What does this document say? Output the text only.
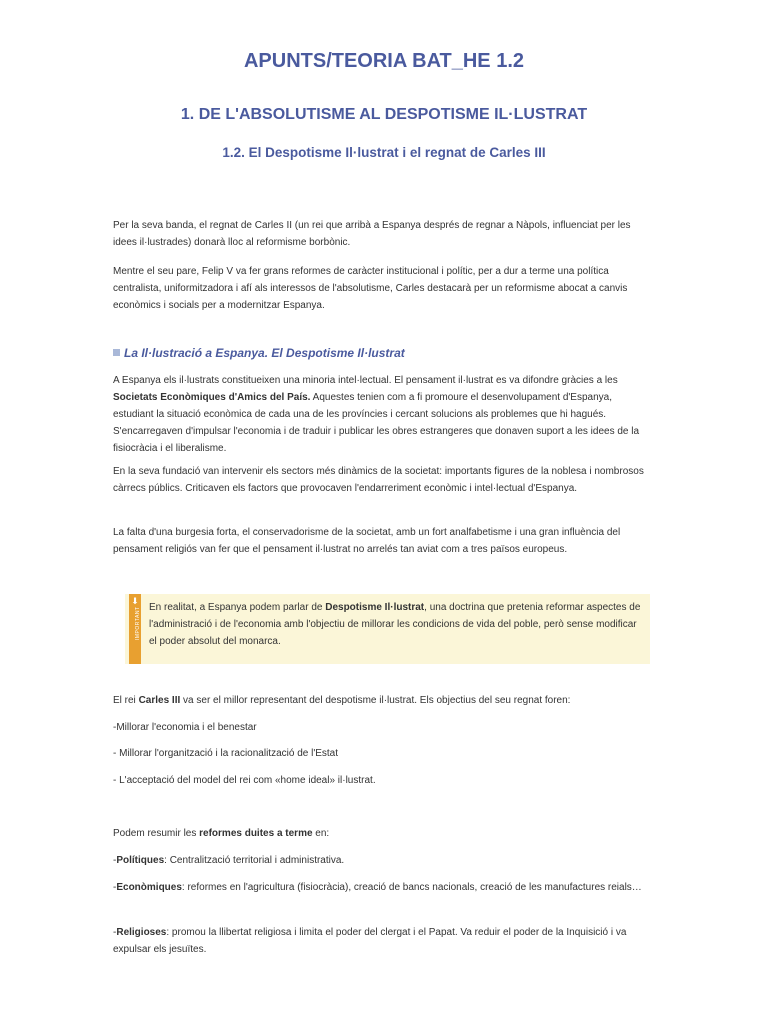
APUNTS/TEORIA BAT_HE 1.2
1. DE L'ABSOLUTISME AL DESPOTISME IL·LUSTRAT
1.2. El Despotisme Il·lustrat i el regnat de Carles III

Per la seva banda, el regnat de Carles II (un rei que arribà a Espanya després de regnar a Nàpols, influenciat per les idees il·lustrades) donarà lloc al reformisme borbònic.

Mentre el seu pare, Felip V va fer grans reformes de caràcter institucional i polític, per a dur a terme una política centralista, uniformitzadora i afí als interessos de l'absolutisme, Carles destacarà per un reformisme abocat a canvis econòmics i socials per a modernitzar Espanya.

La Il·lustració a Espanya. El Despotisme Il·lustrat

A Espanya els il·lustrats constitueixen una minoria intel·lectual. El pensament il·lustrat es va difondre gràcies a les Societats Econòmiques d'Amics del País. Aquestes tenien com a fi promoure el desenvolupament d'Espanya, estudiant la situació econòmica de cada una de les províncies i cercant solucions als problemes que hi hagués. S'encarregaven d'impulsar l'economia i de traduir i publicar les obres estrangeres que donaven suport a les idees de la fisiocràcia i el liberalisme.

En la seva fundació van intervenir els sectors més dinàmics de la societat: importants figures de la noblesa i nombrosos càrrecs públics. Criticaven els factors que provocaven l'endarreriment econòmic i intel·lectual d'Espanya.

La falta d'una burgesia forta, el conservadorisme de la societat, amb un fort analfabetisme i una gran influència del pensament religiós van fer que el pensament il·lustrat no arrelés tan aviat com a tres països europeus.

⬇
IMPORTANT En realitat, a Espanya podem parlar de Despotisme Il·lustrat, una doctrina que pretenia reformar aspectes de l'administració i de l'economia amb l'objectiu de millorar les condicions de vida del poble, però sense modificar el poder absolut del monarca.

El rei Carles III va ser el millor representant del despotisme il·lustrat. Els objectius del seu regnat foren:

-Millorar l'economia i el benestar

- Millorar l'organització i la racionalització de l'Estat

- L'acceptació del model del rei com «home ideal» il·lustrat.

Podem resumir les reformes duites a terme en:

-Polítiques: Centralització territorial i administrativa.

-Econòmiques: reformes en l'agricultura (fisiocràcia), creació de bancs nacionals, creació de les manufactures reials…

-Religioses: promou la llibertat religiosa i limita el poder del clergat i el Papat. Va reduir el poder de la Inquisició i va expulsar els jesuïtes.
